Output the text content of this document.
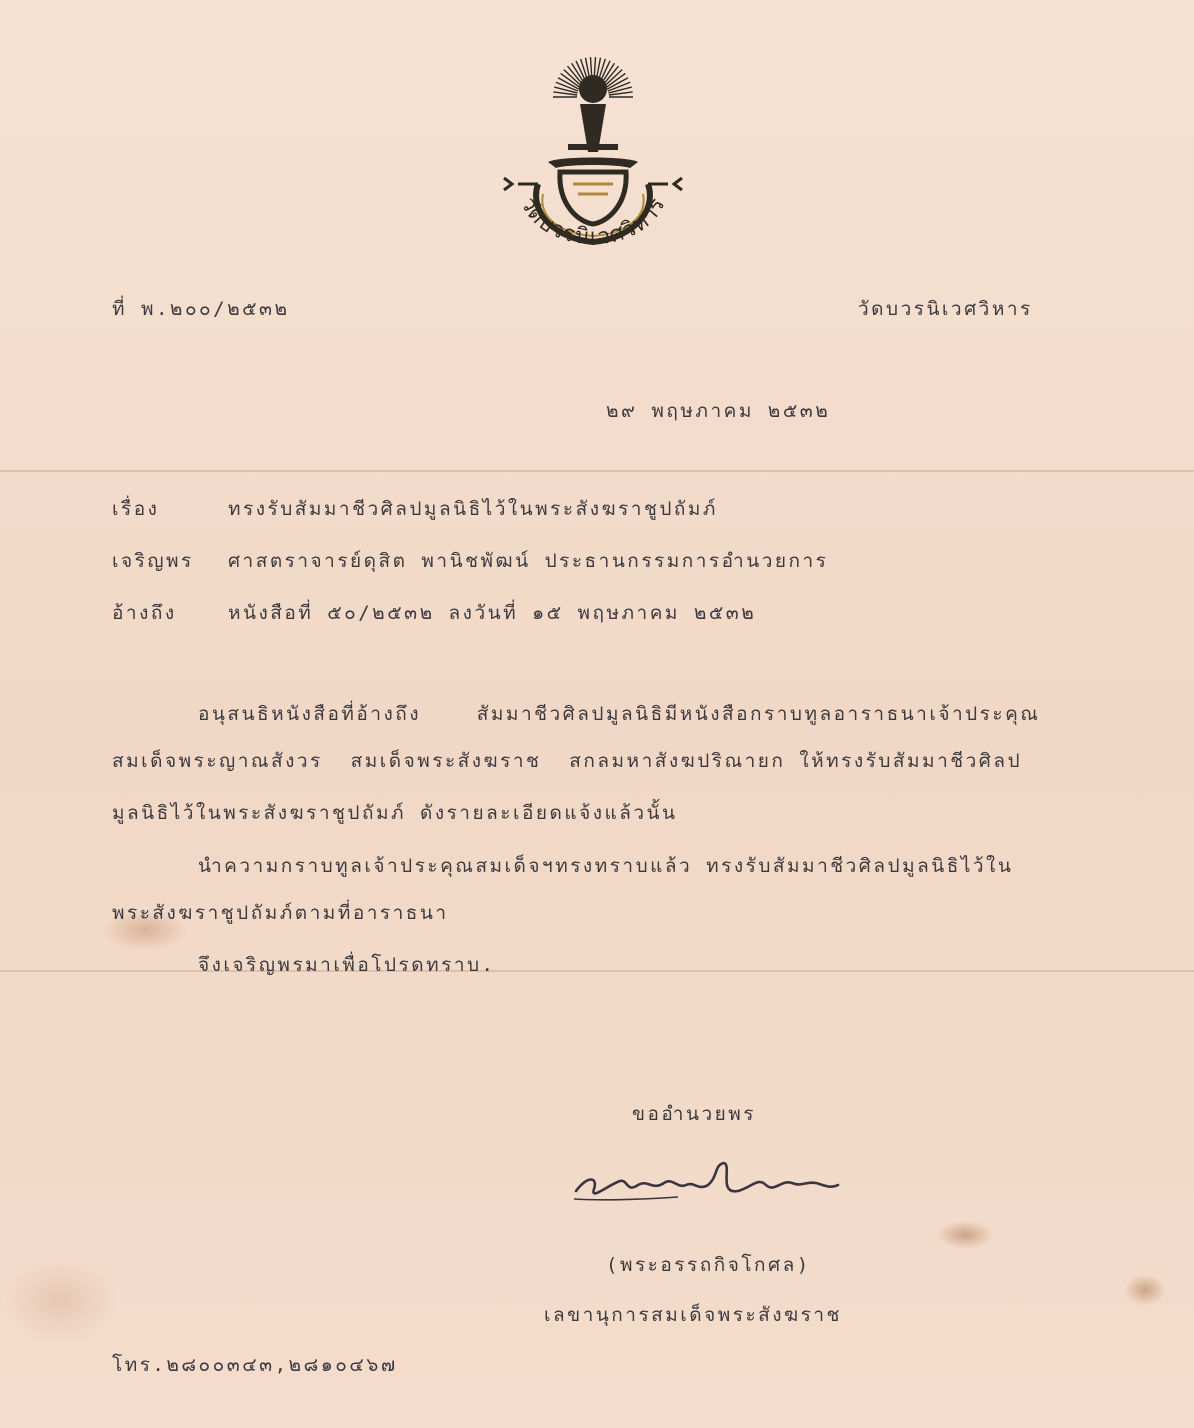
วัดบวรนิเวศวิหาร
ที่ พ.๒๐๐/๒๕๓๒	วัดบวรนิเวศวิหาร
๒๙ พฤษภาคม ๒๕๓๒
เรื่อง	ทรงรับสัมมาชีวศิลปมูลนิธิไว้ในพระสังฆราชูปถัมภ์
เจริญพร ศาสตราจารย์ดุสิต พานิชพัฒน์ ประธานกรรมการอำนวยการ
อ้างถึง	หนังสือที่ ๕๐/๒๕๓๒ ลงวันที่ ๑๕ พฤษภาคม ๒๕๓๒
อนุสนธิหนังสือที่อ้างถึง    สัมมาชีวศิลปมูลนิธิมีหนังสือกราบทูลอาราธนาเจ้าประคุณ
สมเด็จพระญาณสังวร  สมเด็จพระสังฆราช  สกลมหาสังฆปริณายก ให้ทรงรับสัมมาชีวศิลป
มูลนิธิไว้ในพระสังฆราชูปถัมภ์ ดังรายละเอียดแจ้งแล้วนั้น
นำความกราบทูลเจ้าประคุณสมเด็จฯทรงทราบแล้ว ทรงรับสัมมาชีวศิลปมูลนิธิไว้ใน
พระสังฆราชูปถัมภ์ตามที่อาราธนา
จึงเจริญพรมาเพื่อโปรดทราบ.
ขออำนวยพร
(พระอรรถกิจโกศล)
เลขานุการสมเด็จพระสังฆราช
โทร.๒๘๐๐๓๔๓,๒๘๑๐๔๖๗
